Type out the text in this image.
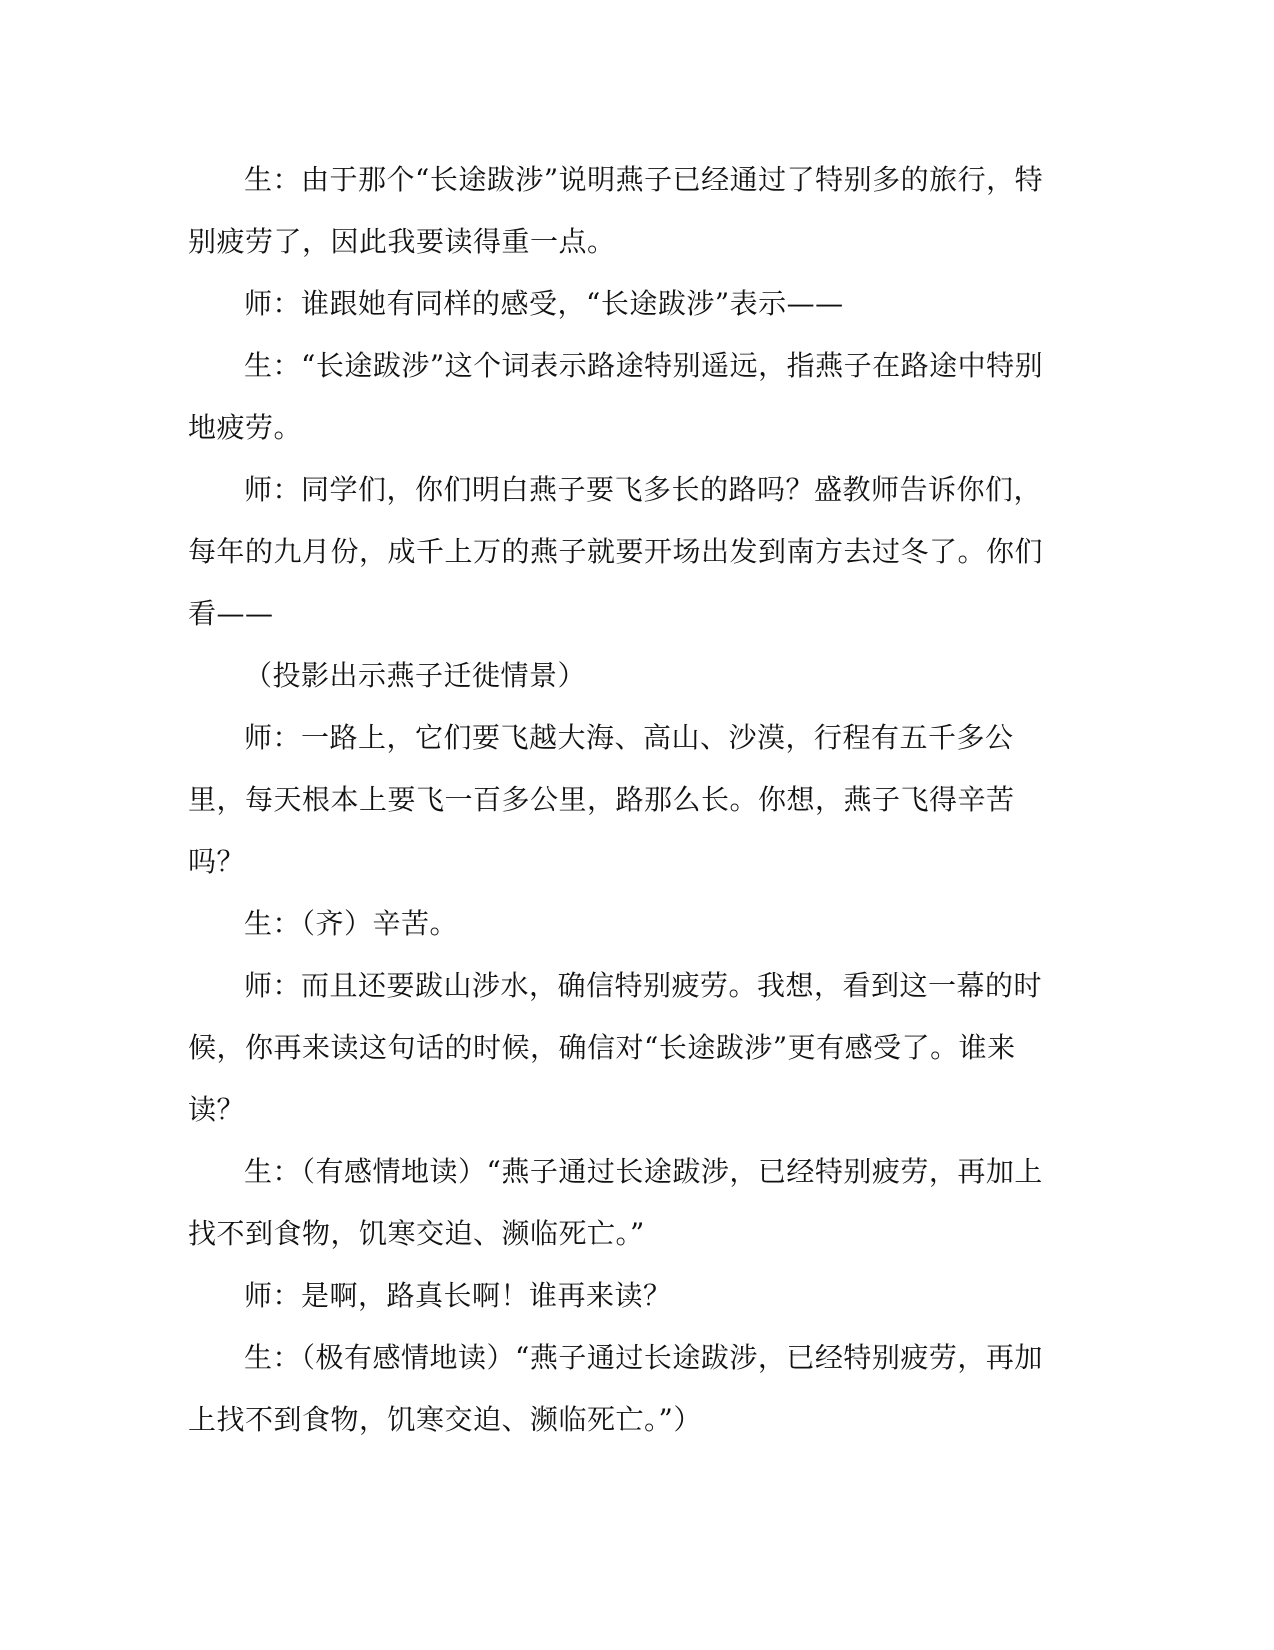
生：由于那个“长途跋涉”说明燕子已经通过了特别多的旅行，特别疲劳了，因此我要读得重一点。

师：谁跟她有同样的感受，“长途跋涉”表示——

生：“长途跋涉”这个词表示路途特别遥远，指燕子在路途中特别地疲劳。

师：同学们，你们明白燕子要飞多长的路吗？盛教师告诉你们，每年的九月份，成千上万的燕子就要开场出发到南方去过冬了。你们看——

（投影出示燕子迁徙情景）

师：一路上，它们要飞越大海、高山、沙漠，行程有五千多公里，每天根本上要飞一百多公里，路那么长。你想，燕子飞得辛苦吗？

生：（齐）辛苦。

师：而且还要跋山涉水，确信特别疲劳。我想，看到这一幕的时候，你再来读这句话的时候，确信对“长途跋涉”更有感受了。谁来读？

生：（有感情地读）“燕子通过长途跋涉，已经特别疲劳，再加上找不到食物，饥寒交迫、濒临死亡。”

师：是啊，路真长啊！谁再来读？

生：（极有感情地读）“燕子通过长途跋涉，已经特别疲劳，再加上找不到食物，饥寒交迫、濒临死亡。”）
